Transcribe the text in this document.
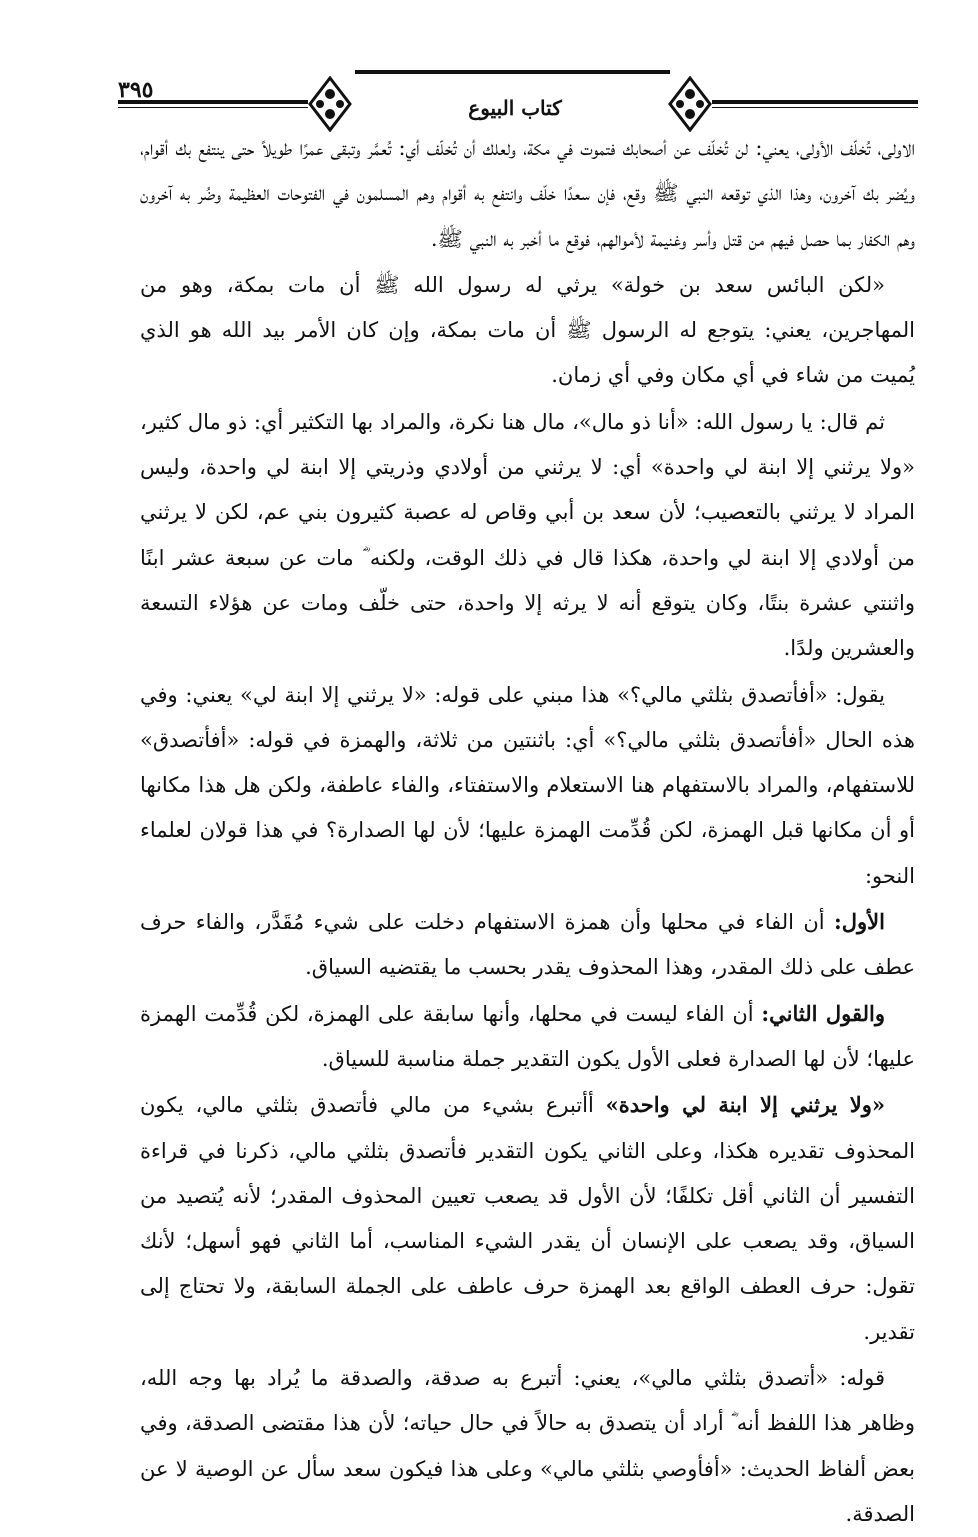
٣٩٥
كتاب البيوع

الاولى، تُخلّف الأولى، يعني: لن تُخلّف عن أصحابك فتموت في مكة، ولعلك أن تُخلّف أي: تُعمَّر وتبقى عمرًا طويلاً حتى ينتفع بك أقوام، ويُضر بك آخرون، وهذا الذي توقعه النبي ﷺ وقع، فإن سعدًا خلّف وانتفع به أقوام وهم المسلمون في الفتوحات العظيمة وضُر به آخرون وهم الكفار بما حصل فيهم من قتل وأسر وغنيمة لأموالهم، فوقع ما أخبر به النبي ﷺ.

«لكن البائس سعد بن خولة» يرثي له رسول الله ﷺ أن مات بمكة، وهو من المهاجرين، يعني: يتوجع له الرسول ﷺ أن مات بمكة، وإن كان الأمر بيد الله هو الذي يُميت من شاء في أي مكان وفي أي زمان.

ثم قال: يا رسول الله: «أنا ذو مال»، مال هنا نكرة، والمراد بها التكثير أي: ذو مال كثير، «ولا يرثني إلا ابنة لي واحدة» أي: لا يرثني من أولادي وذريتي إلا ابنة لي واحدة، وليس المراد لا يرثني بالتعصيب؛ لأن سعد بن أبي وقاص له عصبة كثيرون بني عم، لكن لا يرثني من أولادي إلا ابنة لي واحدة، هكذا قال في ذلك الوقت، ولكنه ؓ مات عن سبعة عشر ابنًا واثنتي عشرة بنتًا، وكان يتوقع أنه لا يرثه إلا واحدة، حتى خلّف ومات عن هؤلاء التسعة والعشرين ولدًا.

يقول: «أفأتصدق بثلثي مالي؟» هذا مبني على قوله: «لا يرثني إلا ابنة لي» يعني: وفي هذه الحال «أفأتصدق بثلثي مالي؟» أي: باثنتين من ثلاثة، والهمزة في قوله: «أفأتصدق» للاستفهام، والمراد بالاستفهام هنا الاستعلام والاستفتاء، والفاء عاطفة، ولكن هل هذا مكانها أو أن مكانها قبل الهمزة، لكن قُدِّمت الهمزة عليها؛ لأن لها الصدارة؟ في هذا قولان لعلماء النحو:

الأول: أن الفاء في محلها وأن همزة الاستفهام دخلت على شيء مُقَدَّر، والفاء حرف عطف على ذلك المقدر، وهذا المحذوف يقدر بحسب ما يقتضيه السياق.

والقول الثاني: أن الفاء ليست في محلها، وأنها سابقة على الهمزة، لكن قُدِّمت الهمزة عليها؛ لأن لها الصدارة فعلى الأول يكون التقدير جملة مناسبة للسياق.

«ولا يرثني إلا ابنة لي واحدة» أأتبرع بشيء من مالي فأتصدق بثلثي مالي، يكون المحذوف تقديره هكذا، وعلى الثاني يكون التقدير فأتصدق بثلثي مالي، ذكرنا في قراءة التفسير أن الثاني أقل تكلفًا؛ لأن الأول قد يصعب تعيين المحذوف المقدر؛ لأنه يُتصيد من السياق، وقد يصعب على الإنسان أن يقدر الشيء المناسب، أما الثاني فهو أسهل؛ لأنك تقول: حرف العطف الواقع بعد الهمزة حرف عاطف على الجملة السابقة، ولا تحتاج إلى تقدير.

قوله: «أتصدق بثلثي مالي»، يعني: أتبرع به صدقة، والصدقة ما يُراد بها وجه الله، وظاهر هذا اللفظ أنه ؓ أراد أن يتصدق به حالاً في حال حياته؛ لأن هذا مقتضى الصدقة، وفي بعض ألفاظ الحديث: «أفأوصي بثلثي مالي» وعلى هذا فيكون سعد سأل عن الوصية لا عن الصدقة.
